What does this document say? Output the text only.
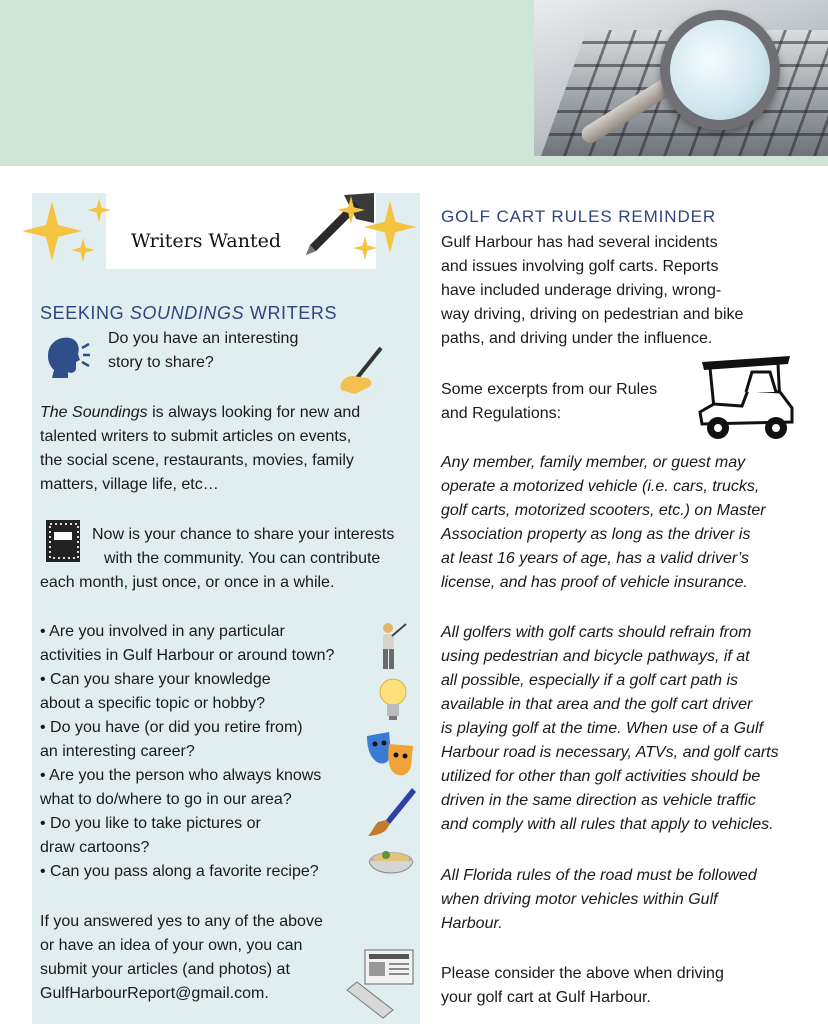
Writers Wanted
SEEKING SOUNDINGS WRITERS
Do you have an interesting
story to share?
The Soundings is always looking for new and
talented writers to submit articles on events,
the social scene, restaurants, movies, family
matters, village life, etc…
Now is your chance to share your interests
with the community. You can contribute
each month, just once, or once in a while.
• Are you involved in any particular
activities in Gulf Harbour or around town?
• Can you share your knowledge
about a specific topic or hobby?
• Do you have (or did you retire from)
an interesting career?
• Are you the person who always knows
what to do/where to go in our area?
• Do you like to take pictures or
draw cartoons?
• Can you pass along a favorite recipe?
If you answered yes to any of the above
or have an idea of your own, you can
submit your articles (and photos) at
GulfHarbourReport@gmail.com.
GOLF CART RULES REMINDER
Gulf Harbour has had several incidents
and issues involving golf carts. Reports
have included underage driving, wrong-
way driving, driving on pedestrian and bike
paths, and driving under the influence.
Some excerpts from our Rules
and Regulations:
Any member, family member, or guest may
operate a motorized vehicle (i.e. cars, trucks,
golf carts, motorized scooters, etc.) on Master
Association property as long as the driver is
at least 16 years of age, has a valid driver’s
license, and has proof of vehicle insurance.
All golfers with golf carts should refrain from
using pedestrian and bicycle pathways, if at
all possible, especially if a golf cart path is
available in that area and the golf cart driver
is playing golf at the time. When use of a Gulf
Harbour road is necessary, ATVs, and golf carts
utilized for other than golf activities should be
driven in the same direction as vehicle traffic
and comply with all rules that apply to vehicles.
All Florida rules of the road must be followed
when driving motor vehicles within Gulf
Harbour.
Please consider the above when driving
your golf cart at Gulf Harbour.
